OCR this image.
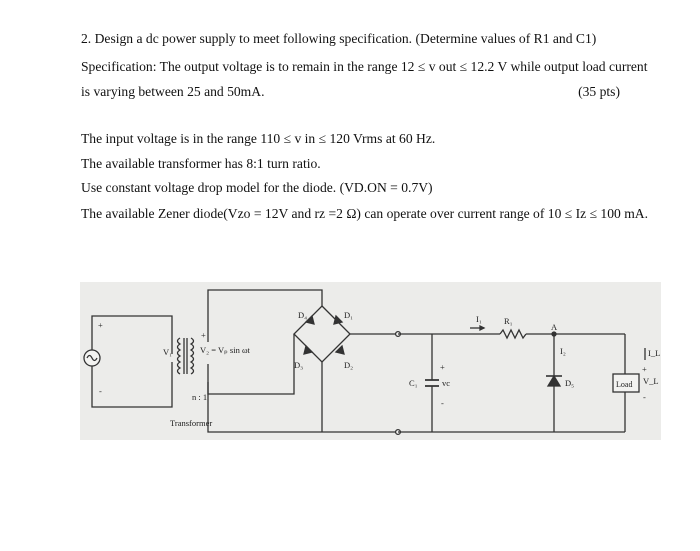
2. Design a dc power supply to meet following specification. (Determine values of R1 and C1)
Specification: The output voltage is to remain in the range 12 ≤ v out ≤ 12.2 V while output load current
is varying between 25 and 50mA.	(35 pts)
The input voltage is in the range 110 ≤ v in ≤ 120 Vrms at 60 Hz.
The available transformer has 8:1 turn ratio.
Use constant voltage drop model for the diode. (VD.ON = 0.7V)
The available Zener diode(Vzo = 12V and rz =2 Ω) can operate over current range of 10 ≤ Iz ≤ 100 mA.
+
-
V₁
+
V₂ = Vₚ sin ωt
n : 1
Transformer
D₄	D₁
D₃	D₂
C₁
+
vc
-
I₁	R₁
A
I₂
D₅
I_L
+
Load V_L
-
